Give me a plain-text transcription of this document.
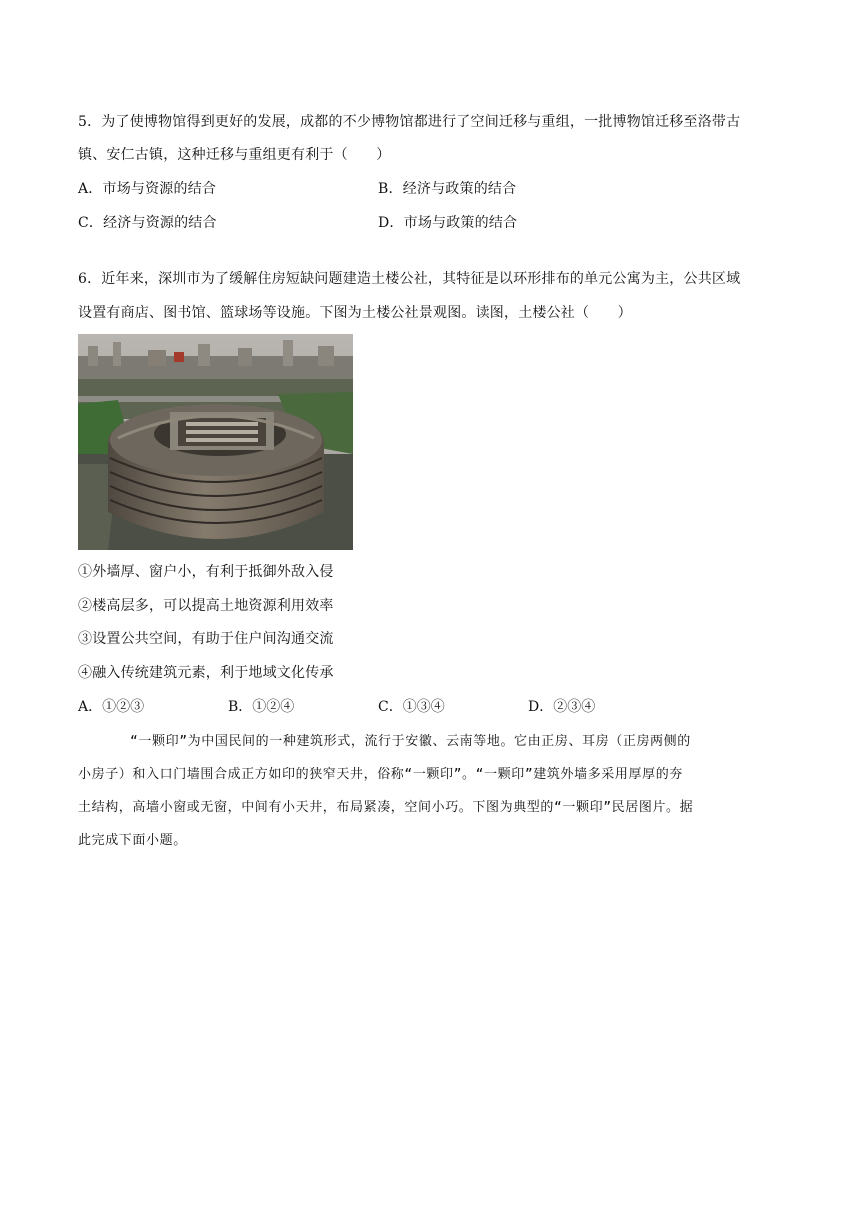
5．为了使博物馆得到更好的发展，成都的不少博物馆都进行了空间迁移与重组，一批博物馆迁移至洛带古
镇、安仁古镇，这种迁移与重组更有利于（　　）
A．市场与资源的结合	B．经济与政策的结合
C．经济与资源的结合	D．市场与政策的结合
6．近年来，深圳市为了缓解住房短缺问题建造土楼公社，其特征是以环形排布的单元公寓为主，公共区域
设置有商店、图书馆、篮球场等设施。下图为土楼公社景观图。读图，土楼公社（　　）
①外墙厚、窗户小，有利于抵御外敌入侵
②楼高层多，可以提高土地资源利用效率
③设置公共空间，有助于住户间沟通交流
④融入传统建筑元素，利于地域文化传承
A．①②③	B．①②④	C．①③④	D．②③④
“一颗印”为中国民间的一种建筑形式，流行于安徽、云南等地。它由正房、耳房（正房两侧的
小房子）和入口门墙围合成正方如印的狭窄天井，俗称“一颗印”。“一颗印”建筑外墙多采用厚厚的夯
土结构，高墙小窗或无窗，中间有小天井，布局紧凑，空间小巧。下图为典型的“一颗印”民居图片。据
此完成下面小题。
